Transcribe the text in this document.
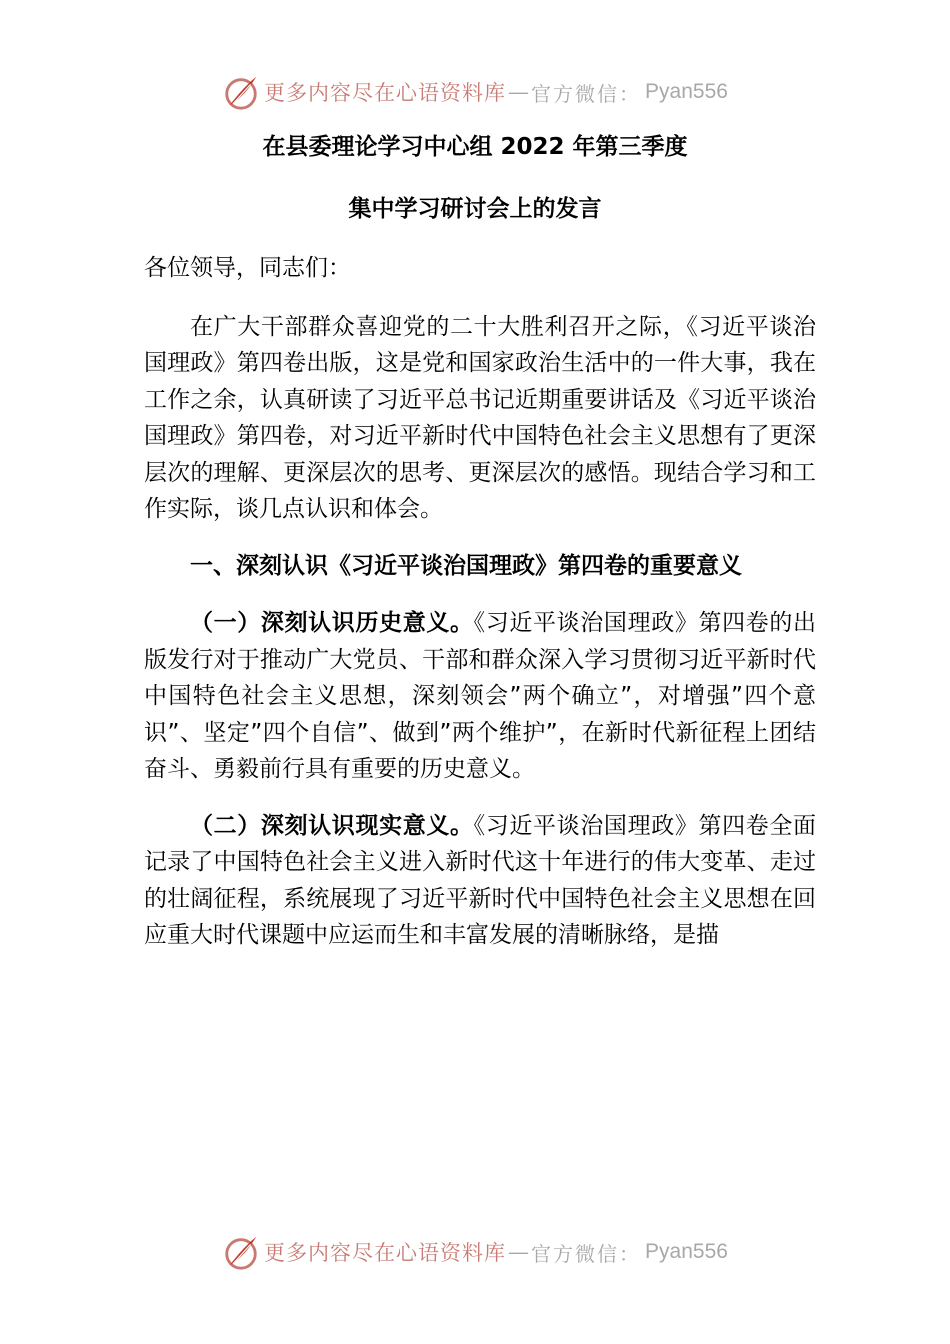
更多内容尽在心语资料库 — 官方微信： Pyan556
在县委理论学习中心组 2022 年第三季度
集中学习研讨会上的发言

各位领导，同志们：

在广大干部群众喜迎党的二十大胜利召开之际，《习近平谈治国理政》第四卷出版，这是党和国家政治生活中的一件大事，我在工作之余，认真研读了习近平总书记近期重要讲话及《习近平谈治国理政》第四卷，对习近平新时代中国特色社会主义思想有了更深层次的理解、更深层次的思考、更深层次的感悟。现结合学习和工作实际，谈几点认识和体会。

一、深刻认识《习近平谈治国理政》第四卷的重要意义

（一）深刻认识历史意义。《习近平谈治国理政》第四卷的出版发行对于推动广大党员、干部和群众深入学习贯彻习近平新时代中国特色社会主义思想，深刻领会”两个确立”，对增强”四个意识”、坚定”四个自信”、做到”两个维护”，在新时代新征程上团结奋斗、勇毅前行具有重要的历史意义。

（二）深刻认识现实意义。《习近平谈治国理政》第四卷全面记录了中国特色社会主义进入新时代这十年进行的伟大变革、走过的壮阔征程，系统展现了习近平新时代中国特色社会主义思想在回应重大时代课题中应运而生和丰富发展的清晰脉络，是描

更多内容尽在心语资料库 — 官方微信： Pyan556
